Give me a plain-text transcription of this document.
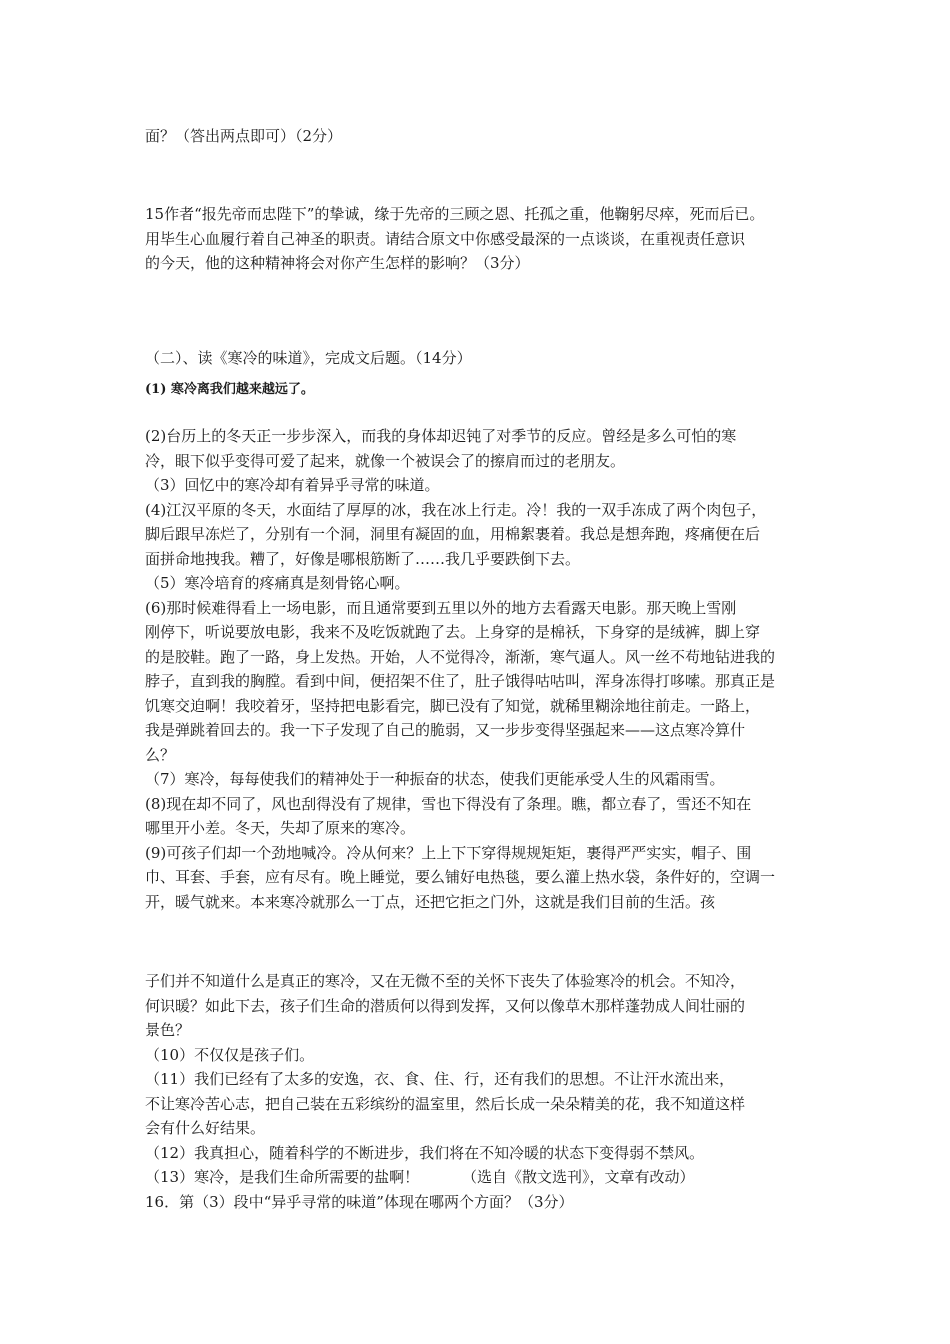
面？（答出两点即可）（2分）

15作者“报先帝而忠陛下”的挚诚，缘于先帝的三顾之恩、托孤之重，他鞠躬尽瘁，死而后已。

用毕生心血履行着自己神圣的职责。请结合原文中你感受最深的一点谈谈，在重视责任意识

的今天，他的这种精神将会对你产生怎样的影响？（3分）

（二）、读《寒冷的味道》，完成文后题。（14分）

(1) 寒冷离我们越来越远了。

(2)台历上的冬天正一步步深入，而我的身体却迟钝了对季节的反应。曾经是多么可怕的寒

冷，眼下似乎变得可爱了起来，就像一个被误会了的擦肩而过的老朋友。

（3）回忆中的寒冷却有着异乎寻常的味道。

(4)江汉平原的冬天，水面结了厚厚的冰，我在冰上行走。冷！我的一双手冻成了两个肉包子，

脚后跟早冻烂了，分别有一个洞，洞里有凝固的血，用棉絮裹着。我总是想奔跑，疼痛便在后

面拼命地拽我。糟了，好像是哪根筋断了……我几乎要跌倒下去。

（5）寒冷培育的疼痛真是刻骨铭心啊。

(6)那时候难得看上一场电影，而且通常要到五里以外的地方去看露天电影。那天晚上雪刚

刚停下，听说要放电影，我来不及吃饭就跑了去。上身穿的是棉袄，下身穿的是绒裤，脚上穿

的是胶鞋。跑了一路，身上发热。开始，人不觉得冷，渐渐，寒气逼人。风一丝不苟地钻进我的

脖子，直到我的胸膛。看到中间，便招架不住了，肚子饿得咕咕叫，浑身冻得打哆嗦。那真正是

饥寒交迫啊！我咬着牙，坚持把电影看完，脚已没有了知觉，就稀里糊涂地往前走。一路上，

我是弹跳着回去的。我一下子发现了自己的脆弱，又一步步变得坚强起来——这点寒冷算什

么？

（7）寒冷，每每使我们的精神处于一种振奋的状态，使我们更能承受人生的风霜雨雪。

(8)现在却不同了，风也刮得没有了规律，雪也下得没有了条理。瞧，都立春了，雪还不知在

哪里开小差。冬天，失却了原来的寒冷。

(9)可孩子们却一个劲地喊冷。冷从何来？上上下下穿得规规矩矩，裹得严严实实，帽子、围

巾、耳套、手套，应有尽有。晚上睡觉，要么铺好电热毯，要么灌上热水袋，条件好的，空调一

开，暖气就来。本来寒冷就那么一丁点，还把它拒之门外，这就是我们目前的生活。孩

子们并不知道什么是真正的寒冷，又在无微不至的关怀下丧失了体验寒冷的机会。不知冷，

何识暖？如此下去，孩子们生命的潜质何以得到发挥，又何以像草木那样蓬勃成人间壮丽的

景色？

（10）不仅仅是孩子们。

（11）我们已经有了太多的安逸，衣、食、住、行，还有我们的思想。不让汗水流出来，

不让寒冷苦心志，把自己装在五彩缤纷的温室里，然后长成一朵朵精美的花，我不知道这样

会有什么好结果。

（12）我真担心，随着科学的不断进步，我们将在不知冷暖的状态下变得弱不禁风。

（13）寒冷，是我们生命所需要的盐啊！         （选自《散文选刊》，文章有改动）

16．第（3）段中“异乎寻常的味道”体现在哪两个方面？（3分）
